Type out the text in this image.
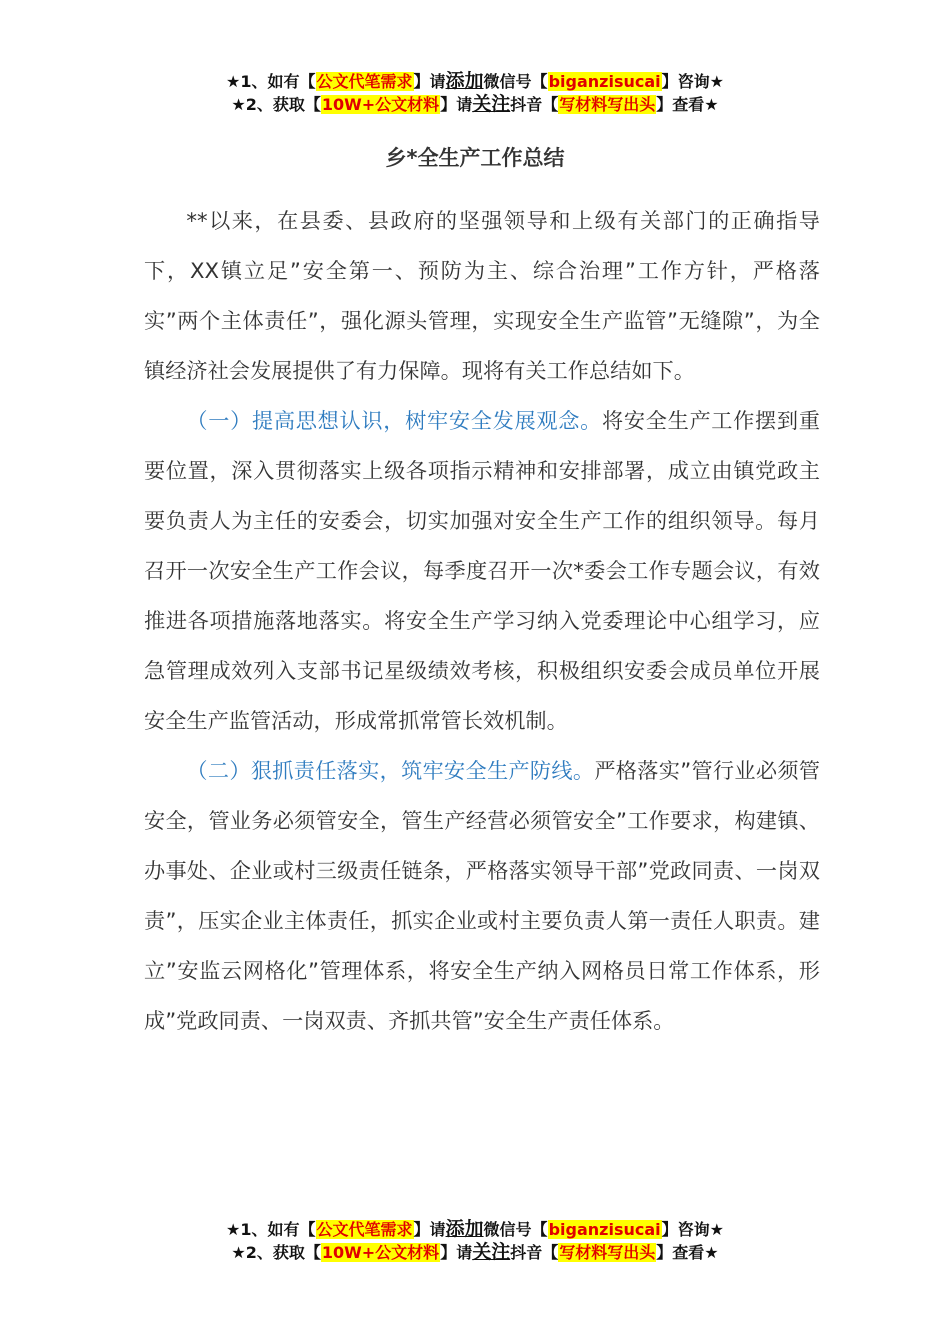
★1、如有【公文代笔需求】请添加微信号【biganzisucai】咨询★
★2、获取【10W+公文材料】请关注抖音【写材料写出头】查看★
乡*全生产工作总结

**以来，在县委、县政府的坚强领导和上级有关部门的正确指导下，XX镇立足”安全第一、预防为主、综合治理”工作方针，严格落实”两个主体责任”，强化源头管理，实现安全生产监管”无缝隙”，为全镇经济社会发展提供了有力保障。现将有关工作总结如下。

（一）提高思想认识，树牢安全发展观念。将安全生产工作摆到重要位置，深入贯彻落实上级各项指示精神和安排部署，成立由镇党政主要负责人为主任的安委会，切实加强对安全生产工作的组织领导。每月召开一次安全生产工作会议，每季度召开一次*委会工作专题会议，有效推进各项措施落地落实。将安全生产学习纳入党委理论中心组学习，应急管理成效列入支部书记星级绩效考核，积极组织安委会成员单位开展安全生产监管活动，形成常抓常管长效机制。

（二）狠抓责任落实，筑牢安全生产防线。严格落实”管行业必须管安全，管业务必须管安全，管生产经营必须管安全”工作要求，构建镇、办事处、企业或村三级责任链条，严格落实领导干部”党政同责、一岗双责”，压实企业主体责任，抓实企业或村主要负责人第一责任人职责。建立”安监云网格化”管理体系，将安全生产纳入网格员日常工作体系，形成”党政同责、一岗双责、齐抓共管”安全生产责任体系。

★1、如有【公文代笔需求】请添加微信号【biganzisucai】咨询★
★2、获取【10W+公文材料】请关注抖音【写材料写出头】查看★
